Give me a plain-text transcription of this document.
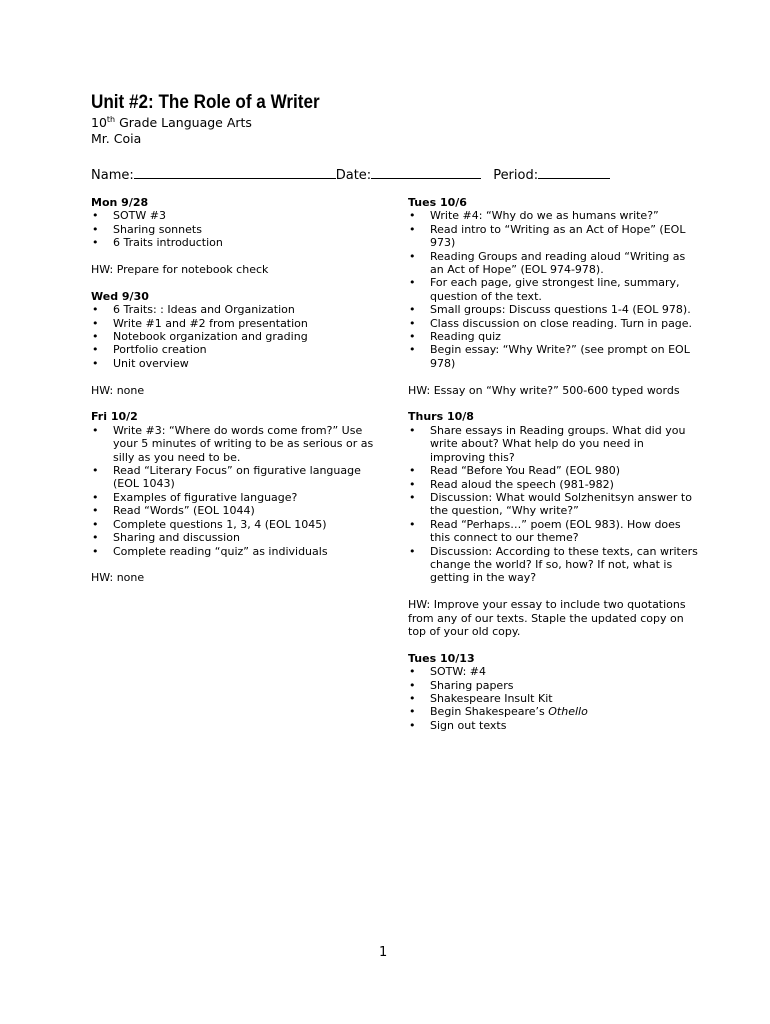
Unit #2: The Role of a Writer
10th Grade Language Arts
Mr. Coia
Name:	Date:	Period:
Mon 9/28
• SOTW #3
• Sharing sonnets
• 6 Traits introduction
HW: Prepare for notebook check
Wed 9/30
• 6 Traits: : Ideas and Organization
• Write #1 and #2 from presentation
• Notebook organization and grading
• Portfolio creation
• Unit overview
HW: none
Fri 10/2
• Write #3: “Where do words come from?” Use your 5 minutes of writing to be as serious or as silly as you need to be.
• Read “Literary Focus” on figurative language (EOL 1043)
• Examples of figurative language?
• Read “Words” (EOL 1044)
• Complete questions 1, 3, 4 (EOL 1045)
• Sharing and discussion
• Complete reading “quiz” as individuals
HW: none
Tues 10/6
• Write #4: “Why do we as humans write?”
• Read intro to “Writing as an Act of Hope” (EOL 973)
• Reading Groups and reading aloud “Writing as an Act of Hope” (EOL 974-978).
• For each page, give strongest line, summary, question of the text.
• Small groups: Discuss questions 1-4 (EOL 978).
• Class discussion on close reading. Turn in page.
• Reading quiz
• Begin essay: “Why Write?” (see prompt on EOL 978)
HW: Essay on “Why write?” 500-600 typed words
Thurs 10/8
• Share essays in Reading groups. What did you write about? What help do you need in improving this?
• Read “Before You Read” (EOL 980)
• Read aloud the speech (981-982)
• Discussion: What would Solzhenitsyn answer to the question, “Why write?”
• Read “Perhaps…” poem (EOL 983). How does this connect to our theme?
• Discussion: According to these texts, can writers change the world? If so, how? If not, what is getting in the way?
HW: Improve your essay to include two quotations from any of our texts. Staple the updated copy on top of your old copy.
Tues 10/13
• SOTW: #4
• Sharing papers
• Shakespeare Insult Kit
• Begin Shakespeare’s Othello
• Sign out texts
1
